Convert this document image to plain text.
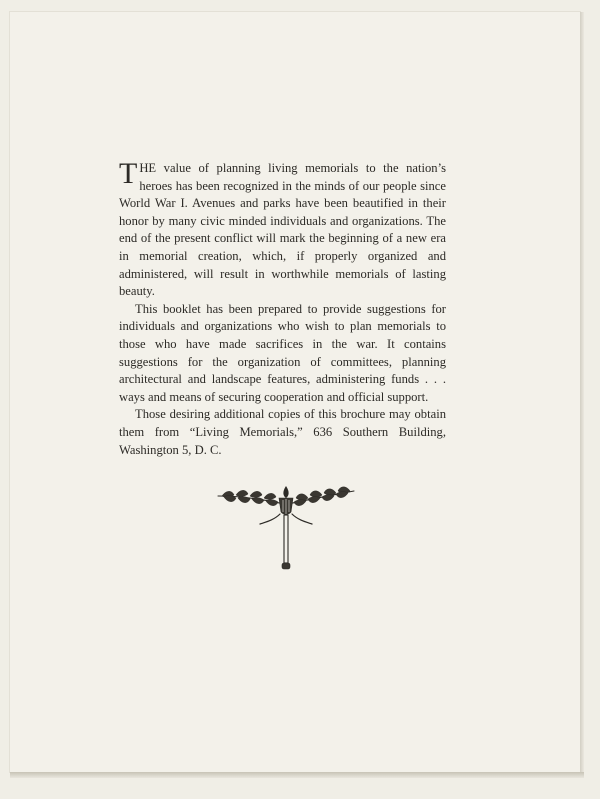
THE value of planning living memorials to the nation’s heroes has been recognized in the minds of our people since World War I. Avenues and parks have been beautified in their honor by many civic minded individuals and organizations. The end of the present conflict will mark the beginning of a new era in memorial creation, which, if properly organized and administered, will result in worthwhile memorials of lasting beauty.

This booklet has been prepared to provide suggestions for individuals and organizations who wish to plan memorials to those who have made sacrifices in the war. It contains suggestions for the organization of committees, planning architectural and landscape features, administering funds . . . ways and means of securing cooperation and official support.

Those desiring additional copies of this brochure may obtain them from “Living Memorials,” 636 Southern Building, Washington 5, D. C.
